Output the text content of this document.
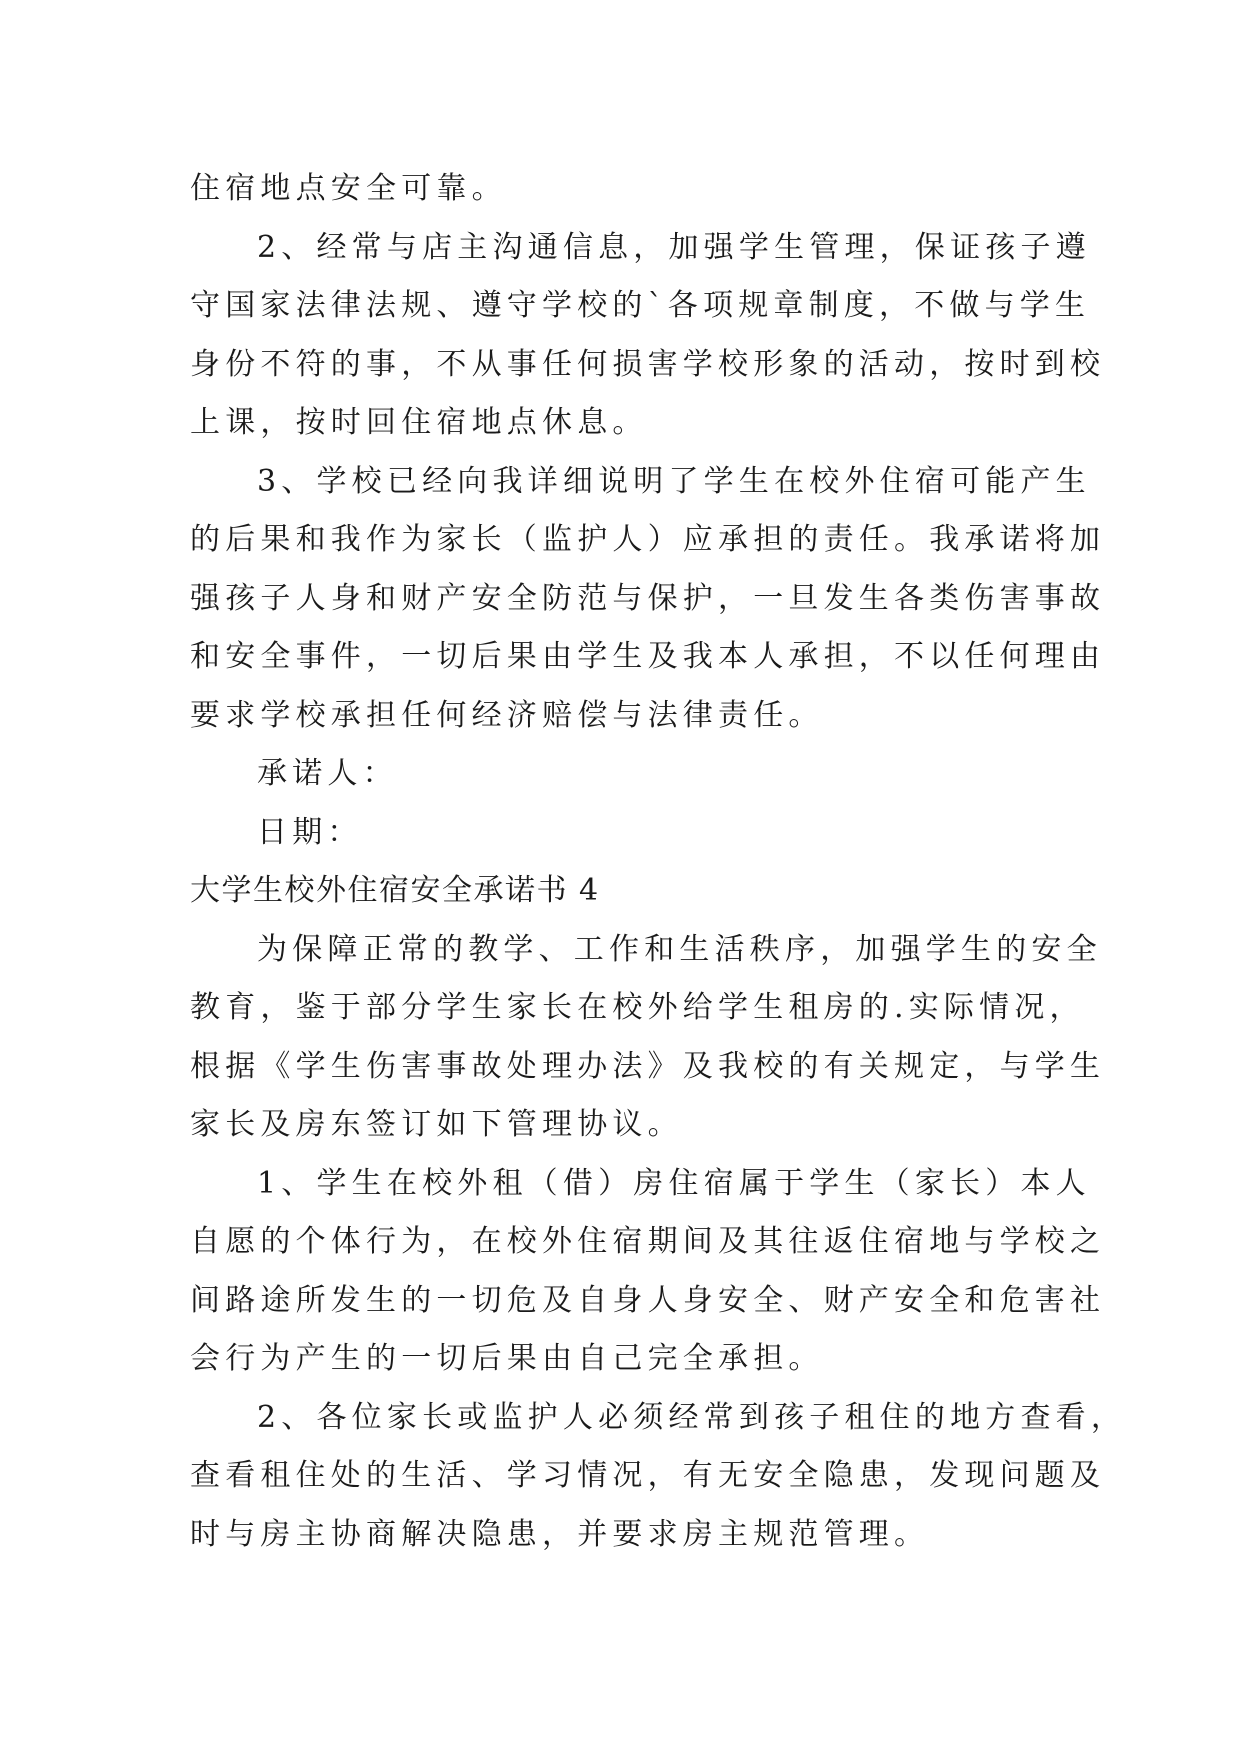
住宿地点安全可靠。
2、经常与店主沟通信息，加强学生管理，保证孩子遵
守国家法律法规、遵守学校的`各项规章制度，不做与学生
身份不符的事，不从事任何损害学校形象的活动，按时到校
上课，按时回住宿地点休息。
3、学校已经向我详细说明了学生在校外住宿可能产生
的后果和我作为家长（监护人）应承担的责任。我承诺将加
强孩子人身和财产安全防范与保护，一旦发生各类伤害事故
和安全事件，一切后果由学生及我本人承担，不以任何理由
要求学校承担任何经济赔偿与法律责任。
承诺人：
日期：
大学生校外住宿安全承诺书 4
为保障正常的教学、工作和生活秩序，加强学生的安全
教育，鉴于部分学生家长在校外给学生租房的.实际情况，
根据《学生伤害事故处理办法》及我校的有关规定，与学生
家长及房东签订如下管理协议。
1、学生在校外租（借）房住宿属于学生（家长）本人
自愿的个体行为，在校外住宿期间及其往返住宿地与学校之
间路途所发生的一切危及自身人身安全、财产安全和危害社
会行为产生的一切后果由自己完全承担。
2、各位家长或监护人必须经常到孩子租住的地方查看，
查看租住处的生活、学习情况，有无安全隐患，发现问题及
时与房主协商解决隐患，并要求房主规范管理。
